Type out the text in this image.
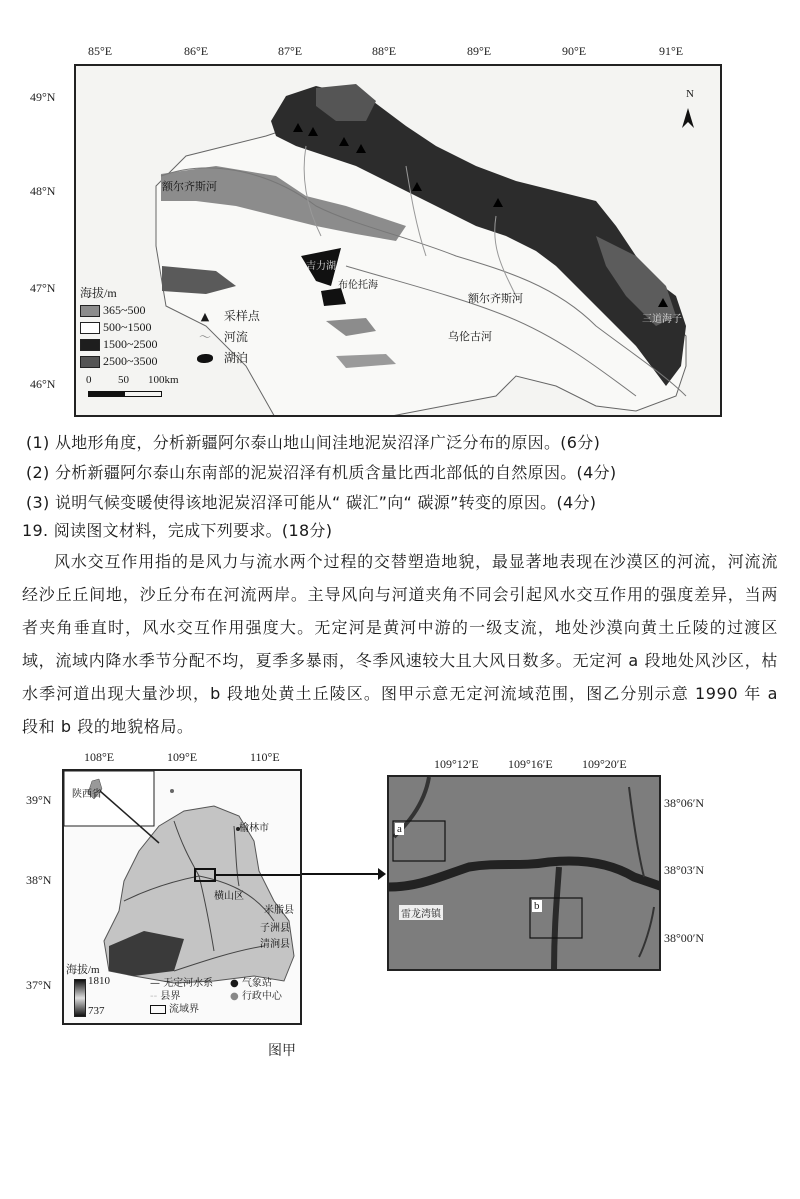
85°E	86°E	87°E	88°E	89°E	90°E	91°E
49°N
48°N
47°N
46°N
N
额尔齐斯河
额尔齐斯河
乌伦古河
吉力湖
布伦托海
三道海子
海拔/m
365~500
500~1500
1500~2500
2500~3500
▲ 采样点
〜 河流
湖泊
0 50 100km
(1) 从地形角度，分析新疆阿尔泰山地山间洼地泥炭沼泽广泛分布的原因。(6分)
(2) 分析新疆阿尔泰山东南部的泥炭沼泽有机质含量比西北部低的自然原因。(4分)
(3) 说明气候变暖使得该地泥炭沼泽可能从“ 碳汇”向“ 碳源”转变的原因。(4分)
19. 阅读图文材料，完成下列要求。(18分)
风水交互作用指的是风力与流水两个过程的交替塑造地貌，最显著地表现在沙漠区的河流，河流流经沙丘丘间地，沙丘分布在河流两岸。主导风向与河道夹角不同会引起风水交互作用的强度差异，当两者夹角垂直时，风水交互作用强度大。无定河是黄河中游的一级支流，地处沙漠向黄土丘陵的过渡区域，流域内降水季节分配不均，夏季多暴雨，冬季风速较大且大风日数多。无定河 a 段地处风沙区，枯水季河道出现大量沙坝，b 段地处黄土丘陵区。图甲示意无定河流域范围，图乙分别示意 1990 年 a 段和 b 段的地貌格局。
108°E	109°E	110°E
39°N
38°N
37°N
陕西省
榆林市
横山区
米脂县
子洲县
清涧县
海拔/m
1810
737
— 无定河水系
-- 县界
流域界
● 气象站
● 行政中心
图甲
109°12′E 109°16′E 109°20′E
38°06′N
38°03′N
38°00′N
a
b
雷龙湾镇
